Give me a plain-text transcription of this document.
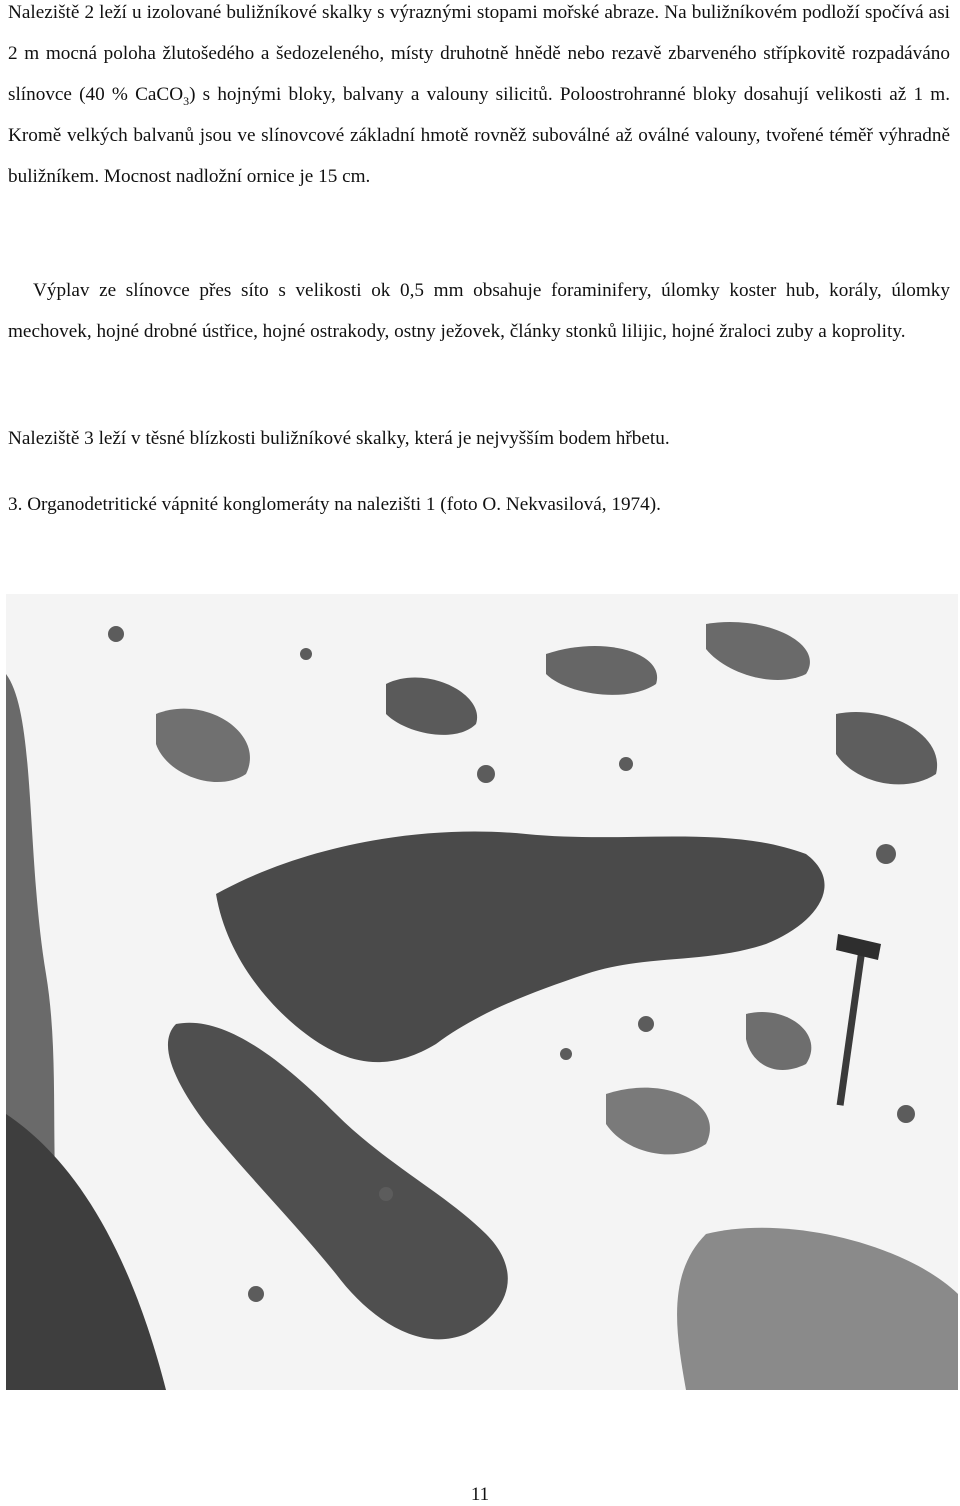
Naleziště 2 leží u izolované buližníkové skalky s výraznými stopami mořské abraze. Na buližníkovém podloží spočívá asi 2 m mocná poloha žlutošedého a šedozeleného, místy druhotně hnědě nebo rezavě zbarveného střípkovitě rozpadáváno slínovce (40 % CaCO$_3$) s hojnými bloky, balvany a valouny silicitů. Poloostrohranné bloky dosahují velikosti až 1 m. Kromě velkých balvanů jsou ve slínovcové základní hmotě rovněž suboválné až oválné valouny, tvořené téměř výhradně buližníkem. Mocnost nadložní ornice je 15 cm.

Výplav ze slínovce přes síto s velikosti ok 0,5 mm obsahuje foraminifery, úlomky koster hub, korály, úlomky mechovek, hojné drobné ústřice, hojné ostrakody, ostny ježovek, články stonků lilijic, hojné žraloci zuby a koprolity.

Naleziště 3 leží v těsné blízkosti buližníkové skalky, která je nejvyšším bodem hřbetu.

3. Organodetritické vápnité konglomeráty na nalezišti 1 (foto O. Nekvasilová, 1974).

11
